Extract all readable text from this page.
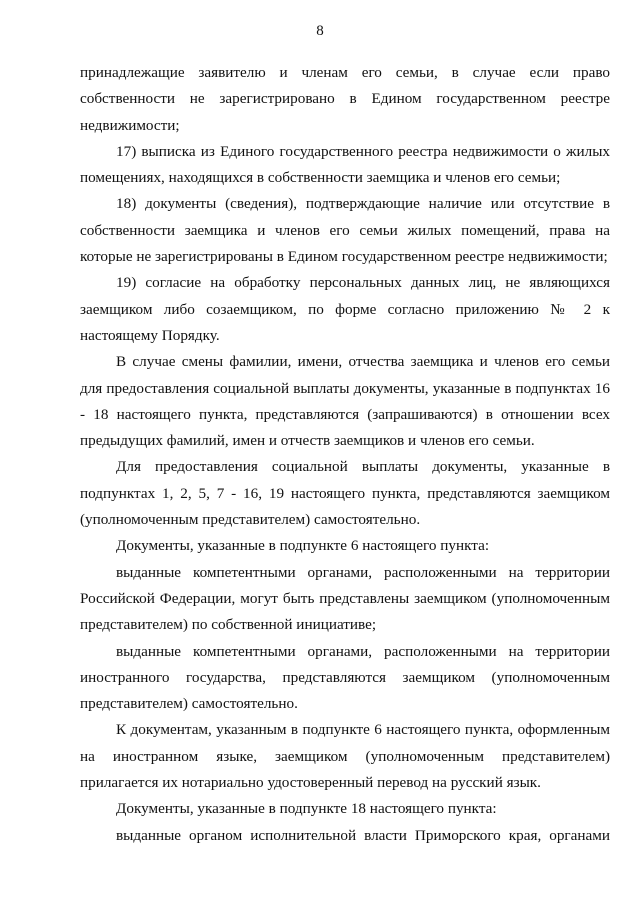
8

принадлежащие заявителю и членам его семьи, в случае если право собственности не зарегистрировано в Едином государственном реестре недвижимости;

17) выписка из Единого государственного реестра недвижимости о жилых помещениях, находящихся в собственности заемщика и членов его семьи;

18) документы (сведения), подтверждающие наличие или отсутствие в собственности заемщика и членов его семьи жилых помещений, права на которые не зарегистрированы в Едином государственном реестре недвижимости;

19) согласие на обработку персональных данных лиц, не являющихся заемщиком либо созаемщиком, по форме согласно приложению № 2 к настоящему Порядку.

В случае смены фамилии, имени, отчества заемщика и членов его семьи для предоставления социальной выплаты документы, указанные в подпунктах 16 - 18 настоящего пункта, представляются (запрашиваются) в отношении всех предыдущих фамилий, имен и отчеств заемщиков и членов его семьи.

Для предоставления социальной выплаты документы, указанные в подпунктах 1, 2, 5, 7 - 16, 19 настоящего пункта, представляются заемщиком (уполномоченным представителем) самостоятельно.

Документы, указанные в подпункте 6 настоящего пункта:

выданные компетентными органами, расположенными на территории Российской Федерации, могут быть представлены заемщиком (уполномоченным представителем) по собственной инициативе;

выданные компетентными органами, расположенными на территории иностранного государства, представляются заемщиком (уполномоченным представителем) самостоятельно.

К документам, указанным в подпункте 6 настоящего пункта, оформленным на иностранном языке, заемщиком (уполномоченным представителем) прилагается их нотариально удостоверенный перевод на русский язык.

Документы, указанные в подпункте 18 настоящего пункта:

выданные органом исполнительной власти Приморского края, органами
